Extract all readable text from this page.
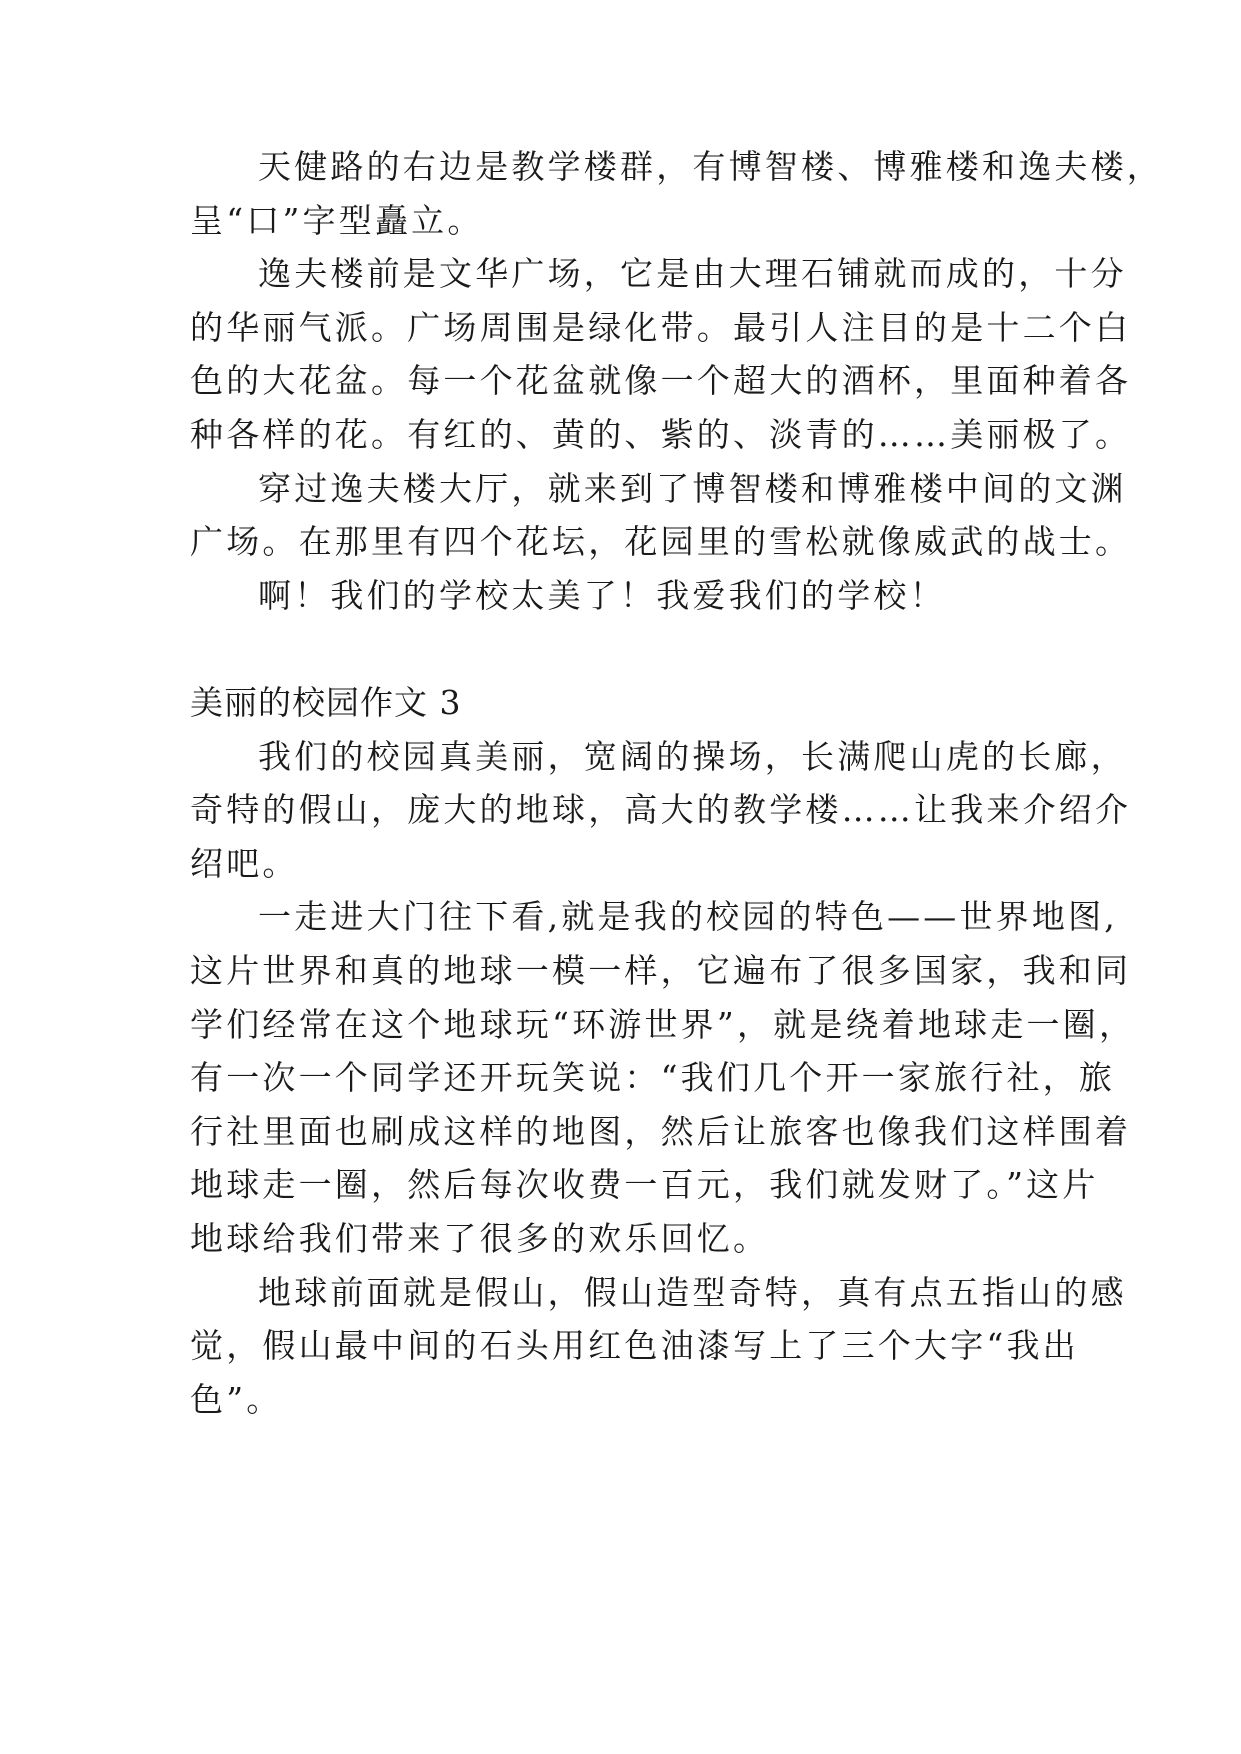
天健路的右边是教学楼群，有博智楼、博雅楼和逸夫楼，
呈“口”字型矗立。
逸夫楼前是文华广场，它是由大理石铺就而成的，十分
的华丽气派。广场周围是绿化带。最引人注目的是十二个白
色的大花盆。每一个花盆就像一个超大的酒杯，里面种着各
种各样的花。有红的、黄的、紫的、淡青的……美丽极了。
穿过逸夫楼大厅，就来到了博智楼和博雅楼中间的文渊
广场。在那里有四个花坛，花园里的雪松就像威武的战士。
啊！我们的学校太美了！我爱我们的学校！
美丽的校园作文 3
我们的校园真美丽，宽阔的操场，长满爬山虎的长廊，
奇特的假山，庞大的地球，高大的教学楼……让我来介绍介
绍吧。
一走进大门往下看,就是我的校园的特色——世界地图,
这片世界和真的地球一模一样，它遍布了很多国家，我和同
学们经常在这个地球玩“环游世界”，就是绕着地球走一圈，
有一次一个同学还开玩笑说：“我们几个开一家旅行社，旅
行社里面也刷成这样的地图，然后让旅客也像我们这样围着
地球走一圈，然后每次收费一百元，我们就发财了。”这片
地球给我们带来了很多的欢乐回忆。
地球前面就是假山，假山造型奇特，真有点五指山的感
觉，假山最中间的石头用红色油漆写上了三个大字“我出
色”。
